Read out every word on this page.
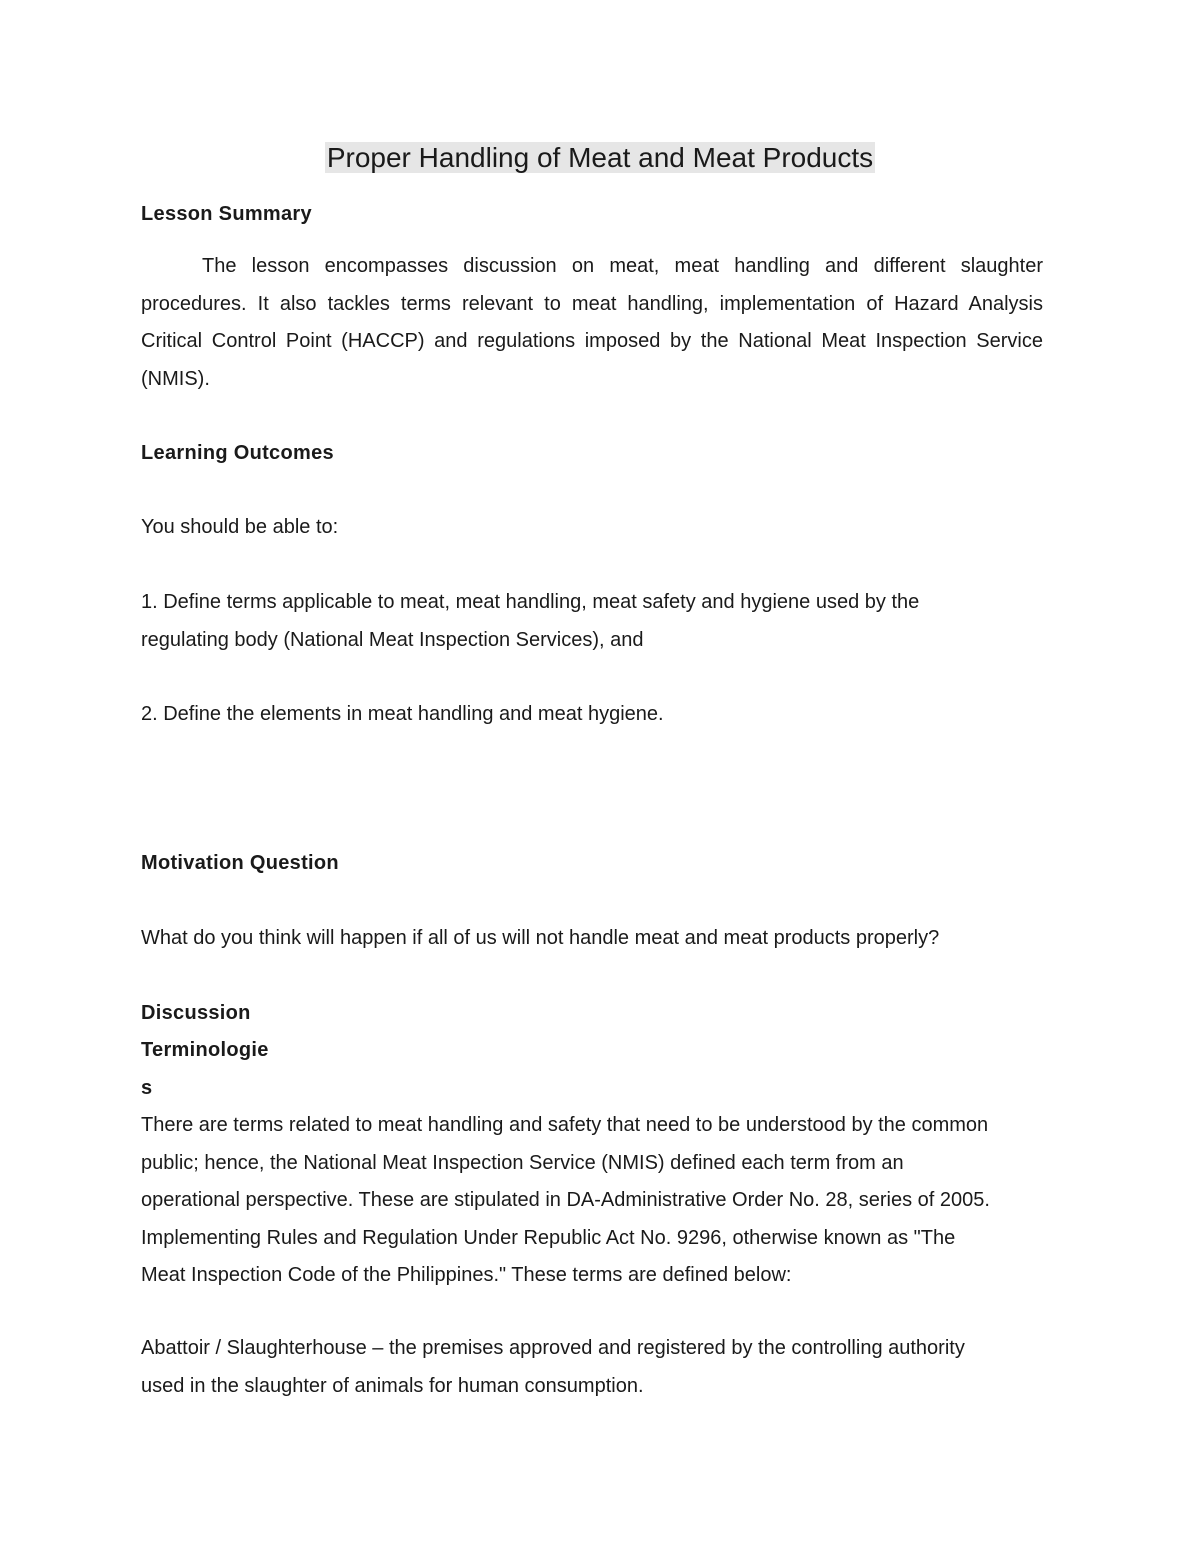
Proper Handling of Meat and Meat Products
Lesson Summary
The lesson encompasses discussion on meat, meat handling and different slaughter procedures. It also tackles terms relevant to meat handling, implementation of Hazard Analysis Critical Control Point (HACCP) and regulations imposed by the National Meat Inspection Service (NMIS).
Learning Outcomes
You should be able to:
1. Define terms applicable to meat, meat handling, meat safety and hygiene used by the
regulating body (National Meat Inspection Services), and
2. Define the elements in meat handling and meat hygiene.
Motivation Question
What do you think will happen if all of us will not handle meat and meat products properly?
Discussion
Terminologie
s
There are terms related to meat handling and safety that need to be understood by the common
public; hence, the National Meat Inspection Service (NMIS) defined each term from an
operational perspective. These are stipulated in DA-Administrative Order No. 28, series of 2005.
Implementing Rules and Regulation Under Republic Act No. 9296, otherwise known as "The
Meat Inspection Code of the Philippines." These terms are defined below:
Abattoir / Slaughterhouse – the premises approved and registered by the controlling authority
used in the slaughter of animals for human consumption.
